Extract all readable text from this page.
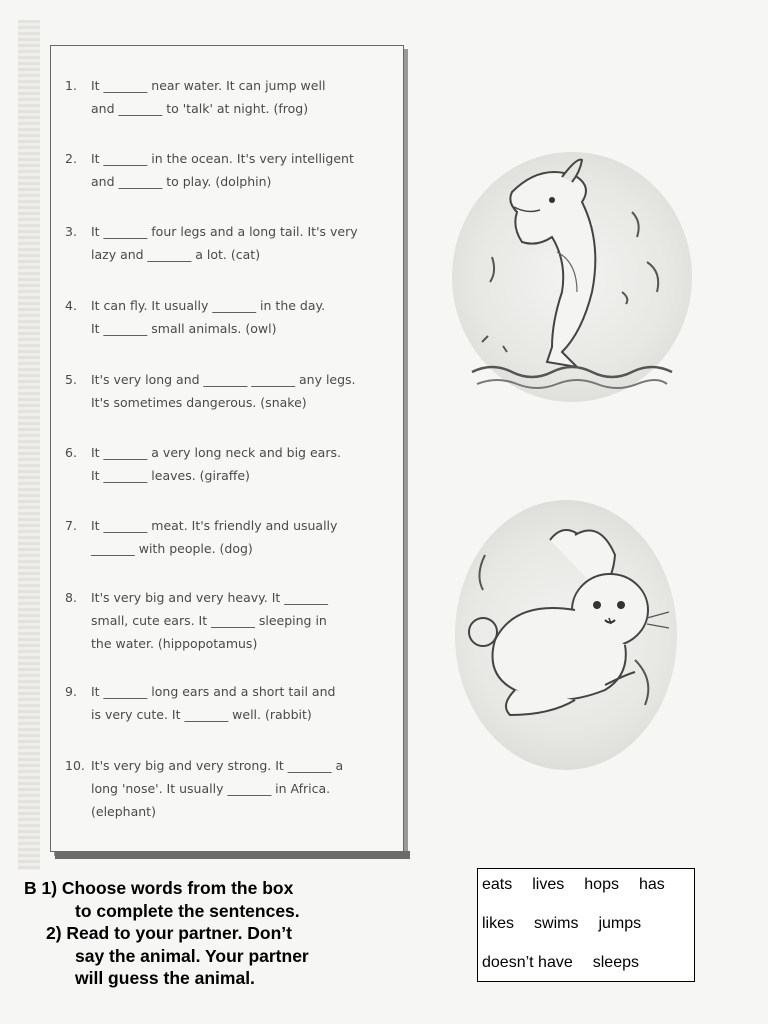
1. It _______ near water. It can jump well
and _______ to 'talk' at night. (frog)
2. It _______ in the ocean. It's very intelligent
and _______ to play. (dolphin)
3. It _______ four legs and a long tail. It's very
lazy and _______ a lot. (cat)
4. It can fly. It usually _______ in the day.
It _______ small animals. (owl)
5. It's very long and _______ _______ any legs.
It's sometimes dangerous. (snake)
6. It _______ a very long neck and big ears.
It _______ leaves. (giraffe)
7. It _______ meat. It's friendly and usually
_______ with people. (dog)
8. It's very big and very heavy. It _______
small, cute ears. It _______ sleeping in
the water. (hippopotamus)
9. It _______ long ears and a short tail and
is very cute. It _______ well. (rabbit)
10. It's very big and very strong. It _______ a
long 'nose'. It usually _______ in Africa.
(elephant)
B 1) Choose words from the box
to complete the sentences.
2) Read to your partner. Don’t
say the animal. Your partner
will guess the animal.
eats lives hops has
likes swims jumps
doesn’t have sleeps
